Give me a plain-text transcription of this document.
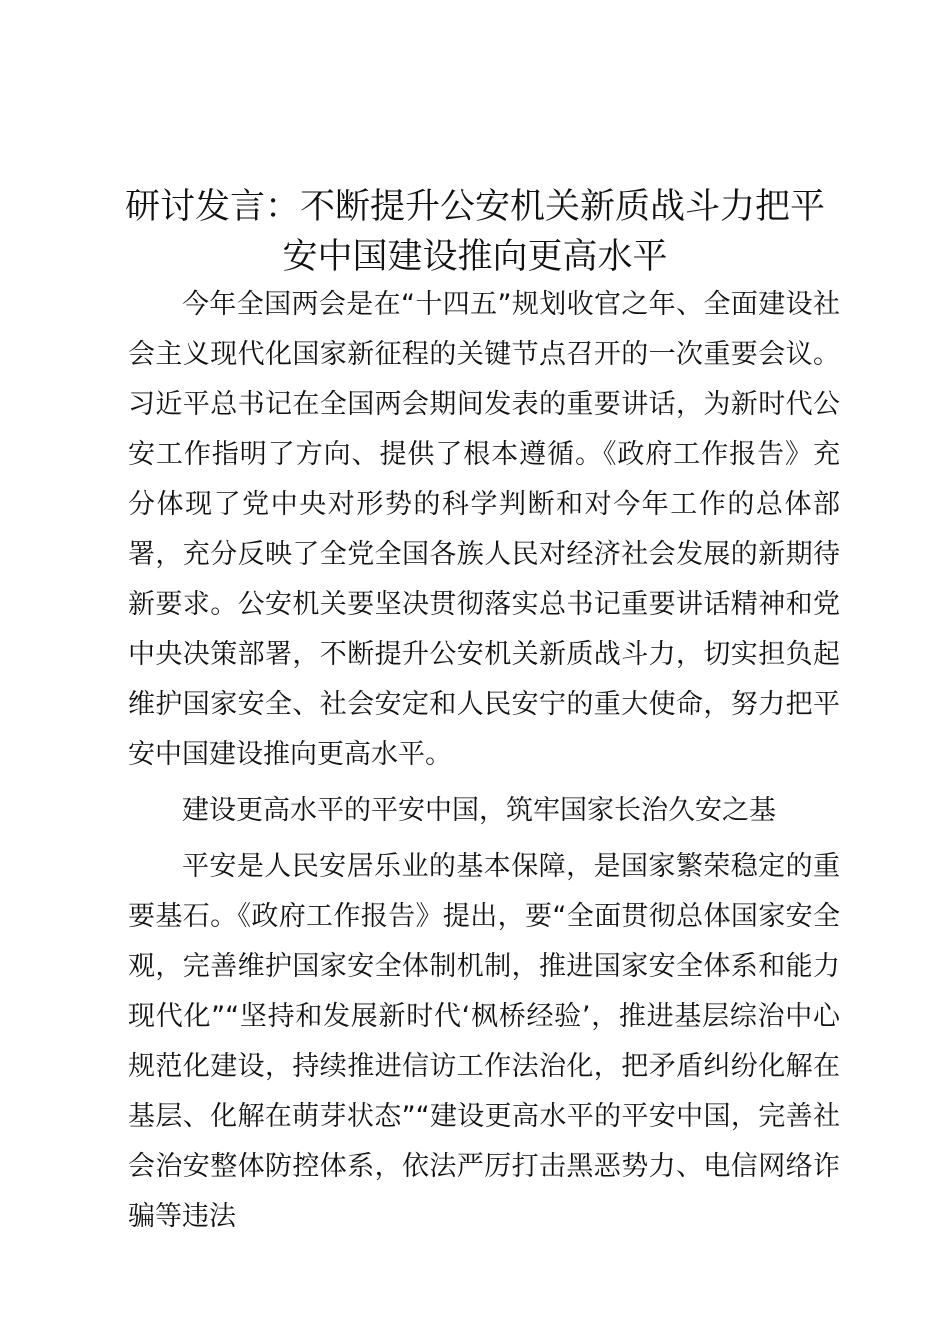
研讨发言：不断提升公安机关新质战斗力把平
安中国建设推向更高水平

今年全国两会是在“十四五”规划收官之年、全面建设社会主义现代化国家新征程的关键节点召开的一次重要会议。习近平总书记在全国两会期间发表的重要讲话，为新时代公安工作指明了方向、提供了根本遵循。《政府工作报告》充分体现了党中央对形势的科学判断和对今年工作的总体部署，充分反映了全党全国各族人民对经济社会发展的新期待新要求。公安机关要坚决贯彻落实总书记重要讲话精神和党中央决策部署，不断提升公安机关新质战斗力，切实担负起维护国家安全、社会安定和人民安宁的重大使命，努力把平安中国建设推向更高水平。

建设更高水平的平安中国，筑牢国家长治久安之基

平安是人民安居乐业的基本保障，是国家繁荣稳定的重要基石。《政府工作报告》提出，要“全面贯彻总体国家安全观，完善维护国家安全体制机制，推进国家安全体系和能力现代化”“坚持和发展新时代‘枫桥经验’，推进基层综治中心规范化建设，持续推进信访工作法治化，把矛盾纠纷化解在基层、化解在萌芽状态”“建设更高水平的平安中国，完善社会治安整体防控体系，依法严厉打击黑恶势力、电信网络诈骗等违法
